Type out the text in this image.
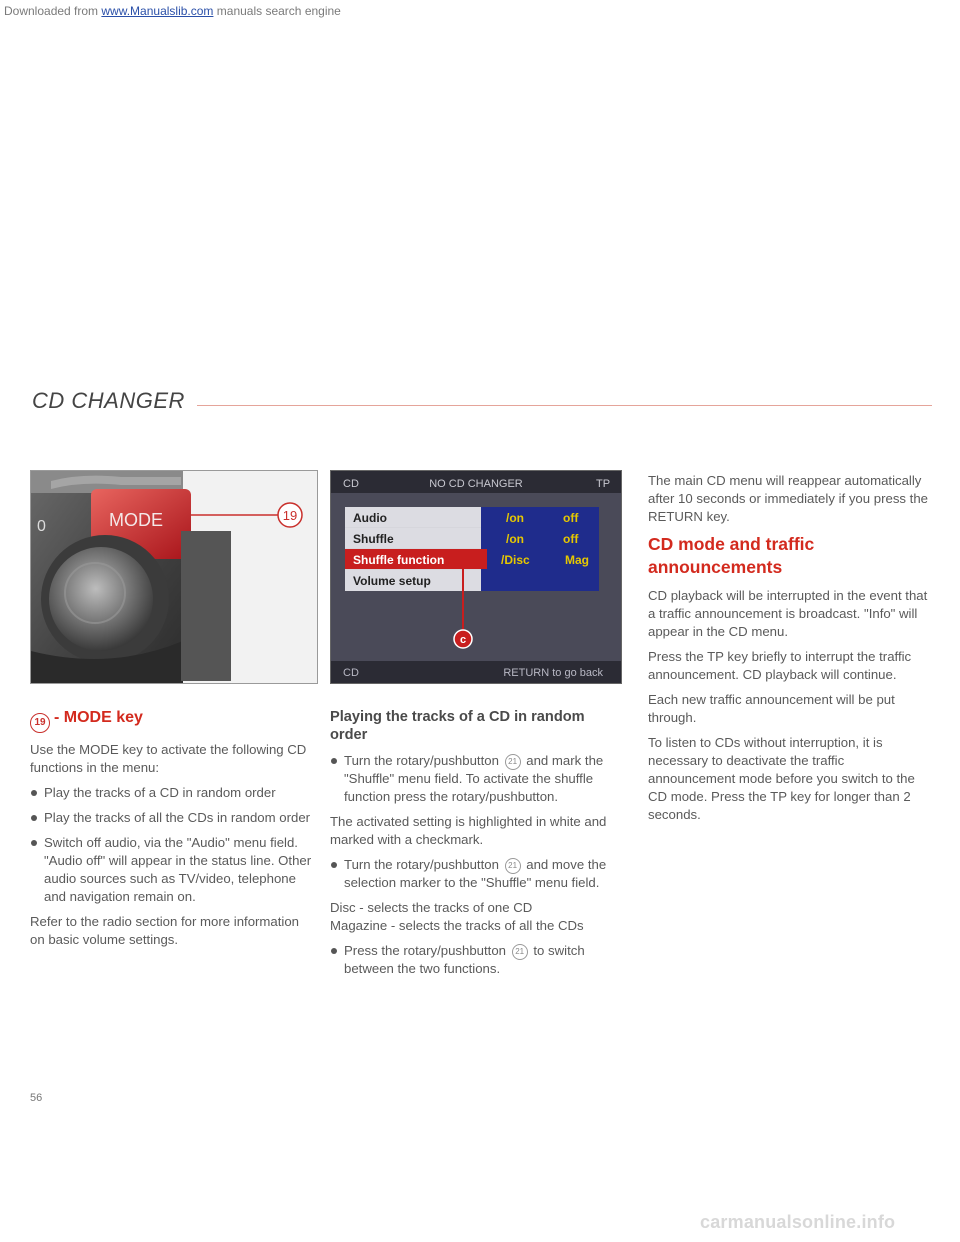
Downloaded from www.Manualslib.com manuals search engine
CD CHANGER
MODE
0
19
CD	NO CD CHANGER	TP
Audio	/on	off
Shuffle	/on	off
Shuffle function	/Disc	Mag
Volume setup
c
CD	RETURN to go back
19 - MODE key

Use the MODE key to activate the following CD functions in the menu:

Play the tracks of a CD in random order
Play the tracks of all the CDs in random order
Switch off audio, via the "Audio" menu field. "Audio off" will appear in the status line. Other audio sources such as TV/video, telephone and navigation remain on.

Refer to the radio section for more information on basic volume settings.

Playing the tracks of a CD in random order
Turn the rotary/pushbutton 21 and mark the "Shuffle" menu field. To activate the shuffle function press the rotary/pushbutton.

The activated setting is highlighted in white and marked with a checkmark.

Turn the rotary/pushbutton 21 and move the selection marker to the "Shuffle" menu field.

Disc - selects the tracks of one CD

Magazine - selects the tracks of all the CDs

Press the rotary/pushbutton 21 to switch between the two functions.

The main CD menu will reappear automatically after 10 seconds or immediately if you press the RETURN key.

CD mode and traffic announcements

CD playback will be interrupted in the event that a traffic announcement is broadcast. "Info" will appear in the CD menu.

Press the TP key briefly to interrupt the traffic announcement. CD playback will continue.

Each new traffic announcement will be put through.

To listen to CDs without interruption, it is necessary to deactivate the traffic announcement mode before you switch to the CD mode. Press the TP key for longer than 2 seconds.

56
carmanualsonline.info
